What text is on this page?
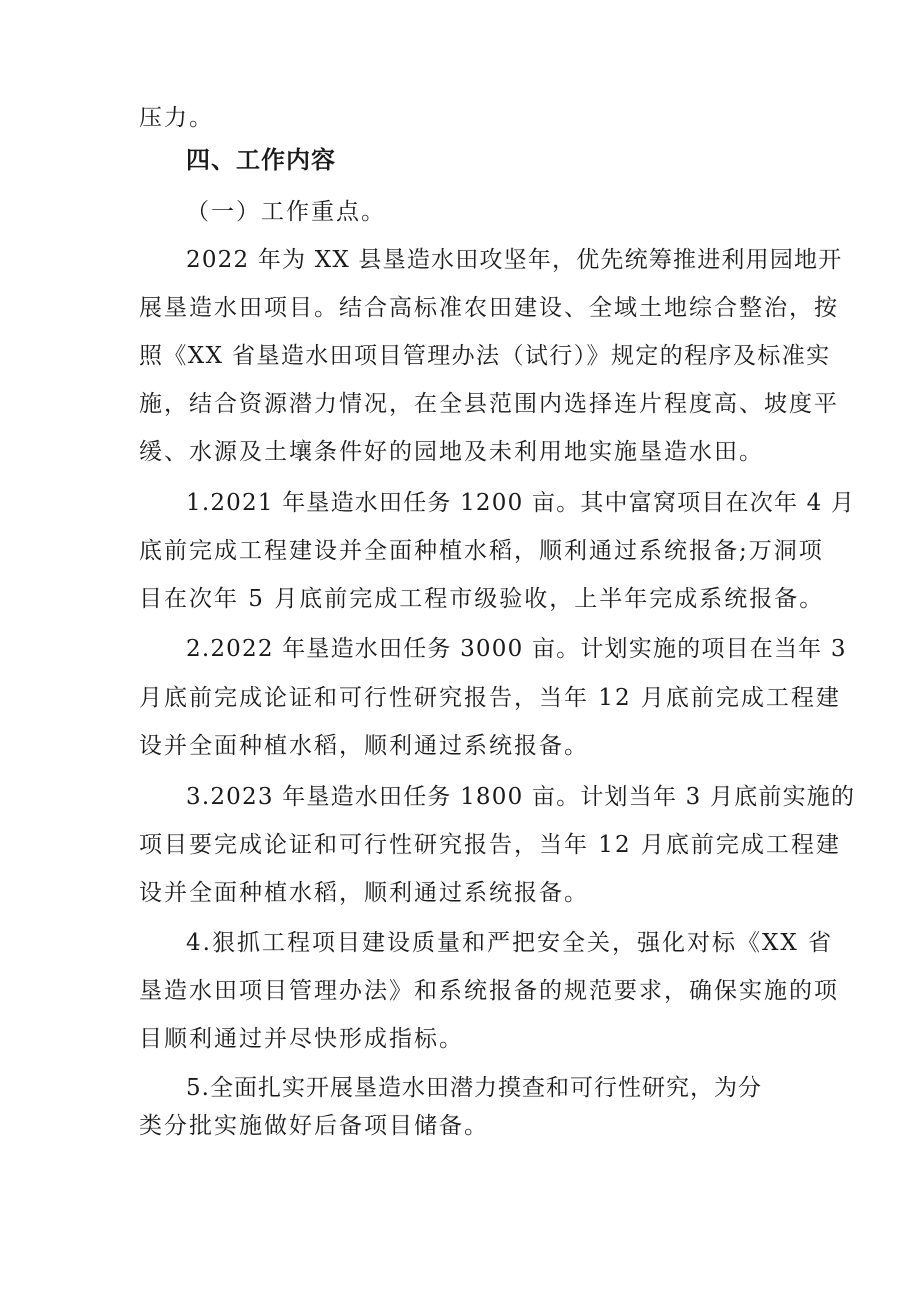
压力。
四、工作内容
（一）工作重点。
2022 年为 XX 县垦造水田攻坚年，优先统筹推进利用园地开
展垦造水田项目。结合高标准农田建设、全域土地综合整治，按
照《XX 省垦造水田项目管理办法（试行）》规定的程序及标准实
施，结合资源潜力情况，在全县范围内选择连片程度高、坡度平
缓、水源及土壤条件好的园地及未利用地实施垦造水田。
1.2021 年垦造水田任务 1200 亩。其中富窝项目在次年 4 月
底前完成工程建设并全面种植水稻，顺利通过系统报备;万洞项
目在次年 5 月底前完成工程市级验收，上半年完成系统报备。
2.2022 年垦造水田任务 3000 亩。计划实施的项目在当年 3
月底前完成论证和可行性研究报告，当年 12 月底前完成工程建
设并全面种植水稻，顺利通过系统报备。
3.2023 年垦造水田任务 1800 亩。计划当年 3 月底前实施的
项目要完成论证和可行性研究报告，当年 12 月底前完成工程建
设并全面种植水稻，顺利通过系统报备。
4.狠抓工程项目建设质量和严把安全关，强化对标《XX 省
垦造水田项目管理办法》和系统报备的规范要求，确保实施的项
目顺利通过并尽快形成指标。
5.全面扎实开展垦造水田潜力摸查和可行性研究，为分
类分批实施做好后备项目储备。
